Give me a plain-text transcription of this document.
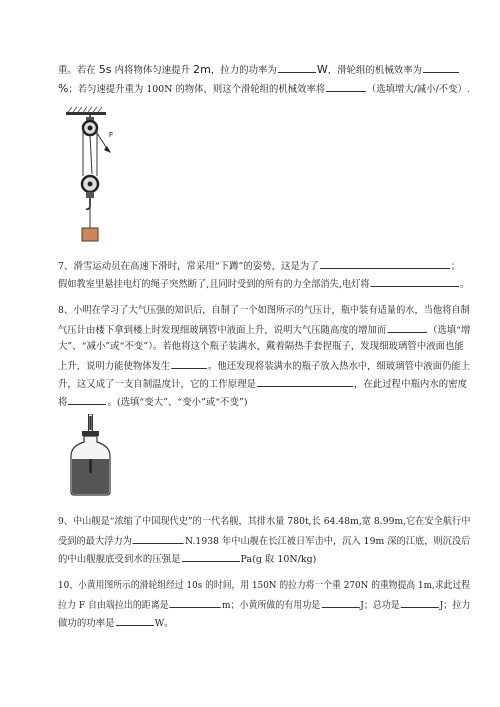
重。若在 5s 内将物体匀速提升 2m，拉力的功率为	W，滑轮组的机械效率为
%；若匀速提升重为 100N 的物体，则这个滑轮组的机械效率将	（选填增大/减小/不变）.
F
7、滑雪运动员在高速下滑时，常采用“下蹲”的姿势，这是为了	；
假如教室里悬挂电灯的绳子突然断了,且同时受到的所有的力全部消失,电灯将	。
8、小明在学习了大气压强的知识后，自制了一个如图所示的气压计，瓶中装有适量的水，当他将自制
气压计由楼下拿到楼上时发现细玻璃管中液面上升，说明大气压随高度的增加而	（选填“增
大”、“减小”或“不变”）。若他将这个瓶子装满水，戴着隔热手套捏瓶子，发现细玻璃管中液面也能
上升，说明力能使物体发生	。他还发现将装满水的瓶子放入热水中，细玻璃管中液面仍能上
升，这又成了一支自制温度计，它的工作原理是	，在此过程中瓶内水的密度
将	。(选填“变大”、“变小”或“不变”)
9、中山舰是“浓缩了中国现代史”的一代名舰，其排水量 780t,长 64.48m,宽 8.99m,它在安全航行中
受到的最大浮力为	N.1938 年中山舰在长江被日军击中，沉入 19m 深的江底，则沉没后
的中山舰舰底受到水的压强是	Pa(g 取 10N/kg)
10、小黄用图所示的滑轮组经过 10s 的时间，用 150N 的拉力将一个重 270N 的重物提高 1m,求此过程
拉力 F 自由端拉出的距离是	m；小黄所做的有用功是	J；总功是	J；拉力
做功的功率是	W。
